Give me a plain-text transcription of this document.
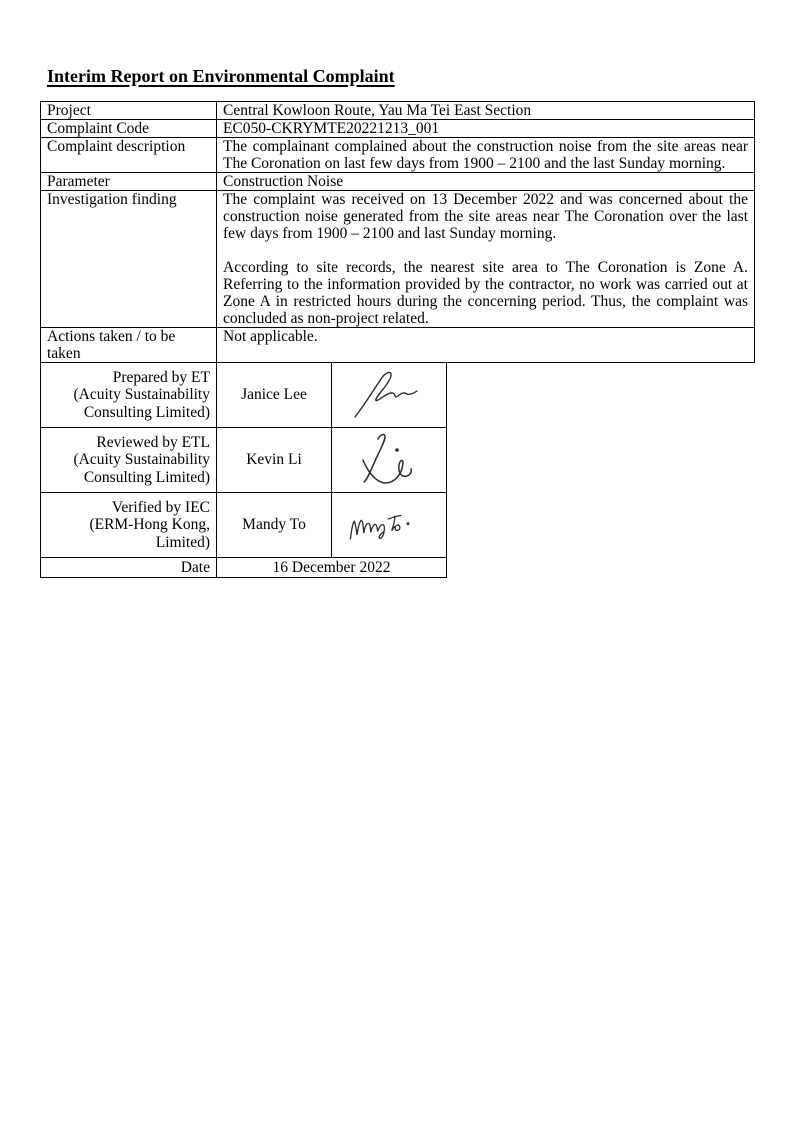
Interim Report on Environmental Complaint
Project	Central Kowloon Route, Yau Ma Tei East Section
Complaint Code	EC050-CKRYMTE20221213_001
Complaint description	The complainant complained about the construction noise from the site areas near The Coronation on last few days from 1900 – 2100 and the last Sunday morning.
Parameter	Construction Noise
Investigation finding	The complaint was received on 13 December 2022 and was concerned about the construction noise generated from the site areas near The Coronation over the last few days from 1900 – 2100 and last Sunday morning.

According to site records, the nearest site area to The Coronation is Zone A. Referring to the information provided by the contractor, no work was carried out at Zone A in restricted hours during the concerning period. Thus, the complaint was concluded as non-project related.

Actions taken / to be taken	Not applicable.
Prepared by ET
(Acuity Sustainability Consulting Limited)	Janice Lee	

Reviewed by ETL
(Acuity Sustainability Consulting Limited)	Kevin Li	

Verified by IEC
(ERM-Hong Kong, Limited)	Mandy To	

Date	16 December 2022	
